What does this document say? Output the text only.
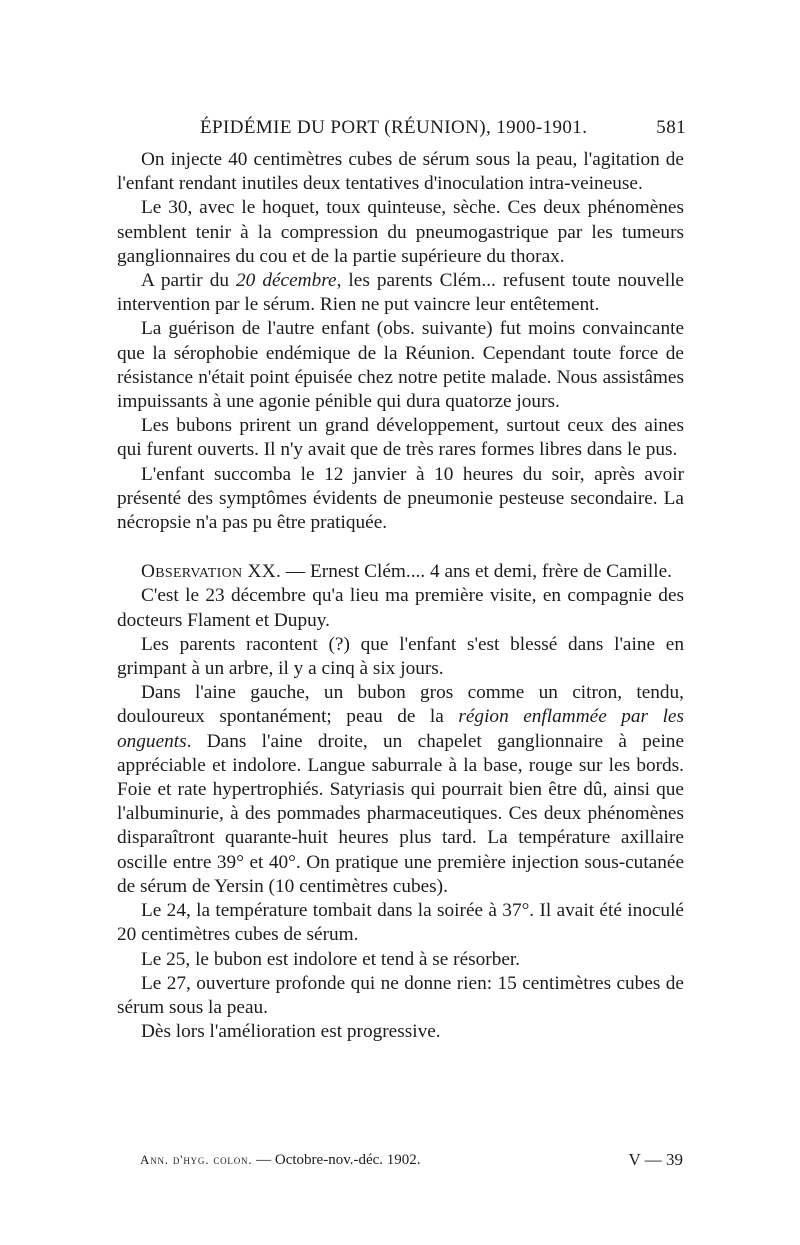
ÉPIDÉMIE DU PORT (RÉUNION), 1900-1901.	581

On injecte 40 centimètres cubes de sérum sous la peau, l'agitation de l'enfant rendant inutiles deux tentatives d'inoculation intra-veineuse.

Le 30, avec le hoquet, toux quinteuse, sèche. Ces deux phénomènes semblent tenir à la compression du pneumogastrique par les tumeurs ganglionnaires du cou et de la partie supérieure du thorax.

A partir du 20 décembre, les parents Clém... refusent toute nouvelle intervention par le sérum. Rien ne put vaincre leur entêtement.

La guérison de l'autre enfant (obs. suivante) fut moins convaincante que la sérophobie endémique de la Réunion. Cependant toute force de résistance n'était point épuisée chez notre petite malade. Nous assistâmes impuissants à une agonie pénible qui dura quatorze jours.

Les bubons prirent un grand développement, surtout ceux des aines qui furent ouverts. Il n'y avait que de très rares formes libres dans le pus.

L'enfant succomba le 12 janvier à 10 heures du soir, après avoir présenté des symptômes évidents de pneumonie pesteuse secondaire. La nécropsie n'a pas pu être pratiquée.

Observation XX. — Ernest Clém.... 4 ans et demi, frère de Camille.

C'est le 23 décembre qu'a lieu ma première visite, en compagnie des docteurs Flament et Dupuy.

Les parents racontent (?) que l'enfant s'est blessé dans l'aine en grimpant à un arbre, il y a cinq à six jours.

Dans l'aine gauche, un bubon gros comme un citron, tendu, douloureux spontanément; peau de la région enflammée par les onguents. Dans l'aine droite, un chapelet ganglionnaire à peine appréciable et indolore. Langue saburrale à la base, rouge sur les bords. Foie et rate hypertrophiés. Satyriasis qui pourrait bien être dû, ainsi que l'albuminurie, à des pommades pharmaceutiques. Ces deux phénomènes disparaîtront quarante-huit heures plus tard. La température axillaire oscille entre 39° et 40°. On pratique une première injection sous-cutanée de sérum de Yersin (10 centimètres cubes).

Le 24, la température tombait dans la soirée à 37°. Il avait été inoculé 20 centimètres cubes de sérum.

Le 25, le bubon est indolore et tend à se résorber.

Le 27, ouverture profonde qui ne donne rien: 15 centimètres cubes de sérum sous la peau.

Dès lors l'amélioration est progressive.

Ann. d'hyg. colon. — Octobre-nov.-déc. 1902.	V — 39
